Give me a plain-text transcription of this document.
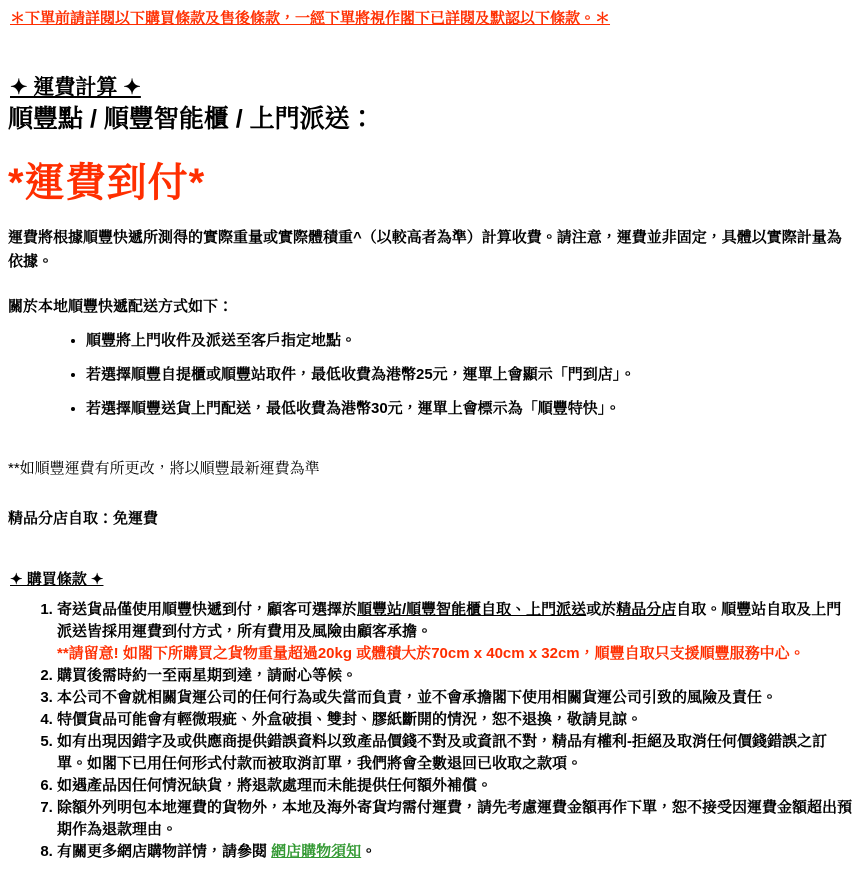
＊下單前請詳閱以下購買條款及售後條款，一經下單將視作閣下已詳閱及默認以下條款。＊
✦ 運費計算 ✦
順豐點 / 順豐智能櫃 / 上門派送：
*運費到付*
運費將根據順豐快遞所測得的實際重量或實際體積重^（以較高者為準）計算收費。請注意，運費並非固定，具體以實際計量為依據。
關於本地順豐快遞配送方式如下：
• 順豐將上門收件及派送至客戶指定地點。
• 若選擇順豐自提櫃或順豐站取件，最低收費為港幣25元，運單上會顯示「門到店」。
• 若選擇順豐送貨上門配送，最低收費為港幣30元，運單上會標示為「順豐特快」。
**如順豐運費有所更改，將以順豐最新運費為準
精品分店自取：免運費
✦ 購買條款 ✦
1. 寄送貨品僅使用順豐快遞到付，顧客可選擇於順豐站/順豐智能櫃自取、上門派送或於精品分店自取。順豐站自取及上門派送皆採用運費到付方式，所有費用及風險由顧客承擔。
**請留意! 如閣下所購買之貨物重量超過20kg 或體積大於70cm x 40cm x 32cm，順豐自取只支援順豐服務中心。
2. 購買後需時約一至兩星期到達，請耐心等候。
3. 本公司不會就相關貨運公司的任何行為或失當而負責，並不會承擔閣下使用相關貨運公司引致的風險及責任。
4. 特價貨品可能會有輕微瑕疵、外盒破損、雙封、膠紙斷開的情況，恕不退換，敬請見諒。
5. 如有出現因錯字及或供應商提供錯誤資料以致產品價錢不對及或資訊不對，精品有權利-拒絕及取消任何價錢錯誤之訂單。如閣下已用任何形式付款而被取消訂單，我們將會全數退回已收取之款項。
6. 如遇產品因任何情況缺貨，將退款處理而未能提供任何額外補償。
7. 除額外列明包本地運費的貨物外，本地及海外寄貨均需付運費，請先考慮運費金額再作下單，恕不接受因運費金額超出預期作為退款理由。
8. 有關更多網店購物詳情，請參閱 網店購物須知。
